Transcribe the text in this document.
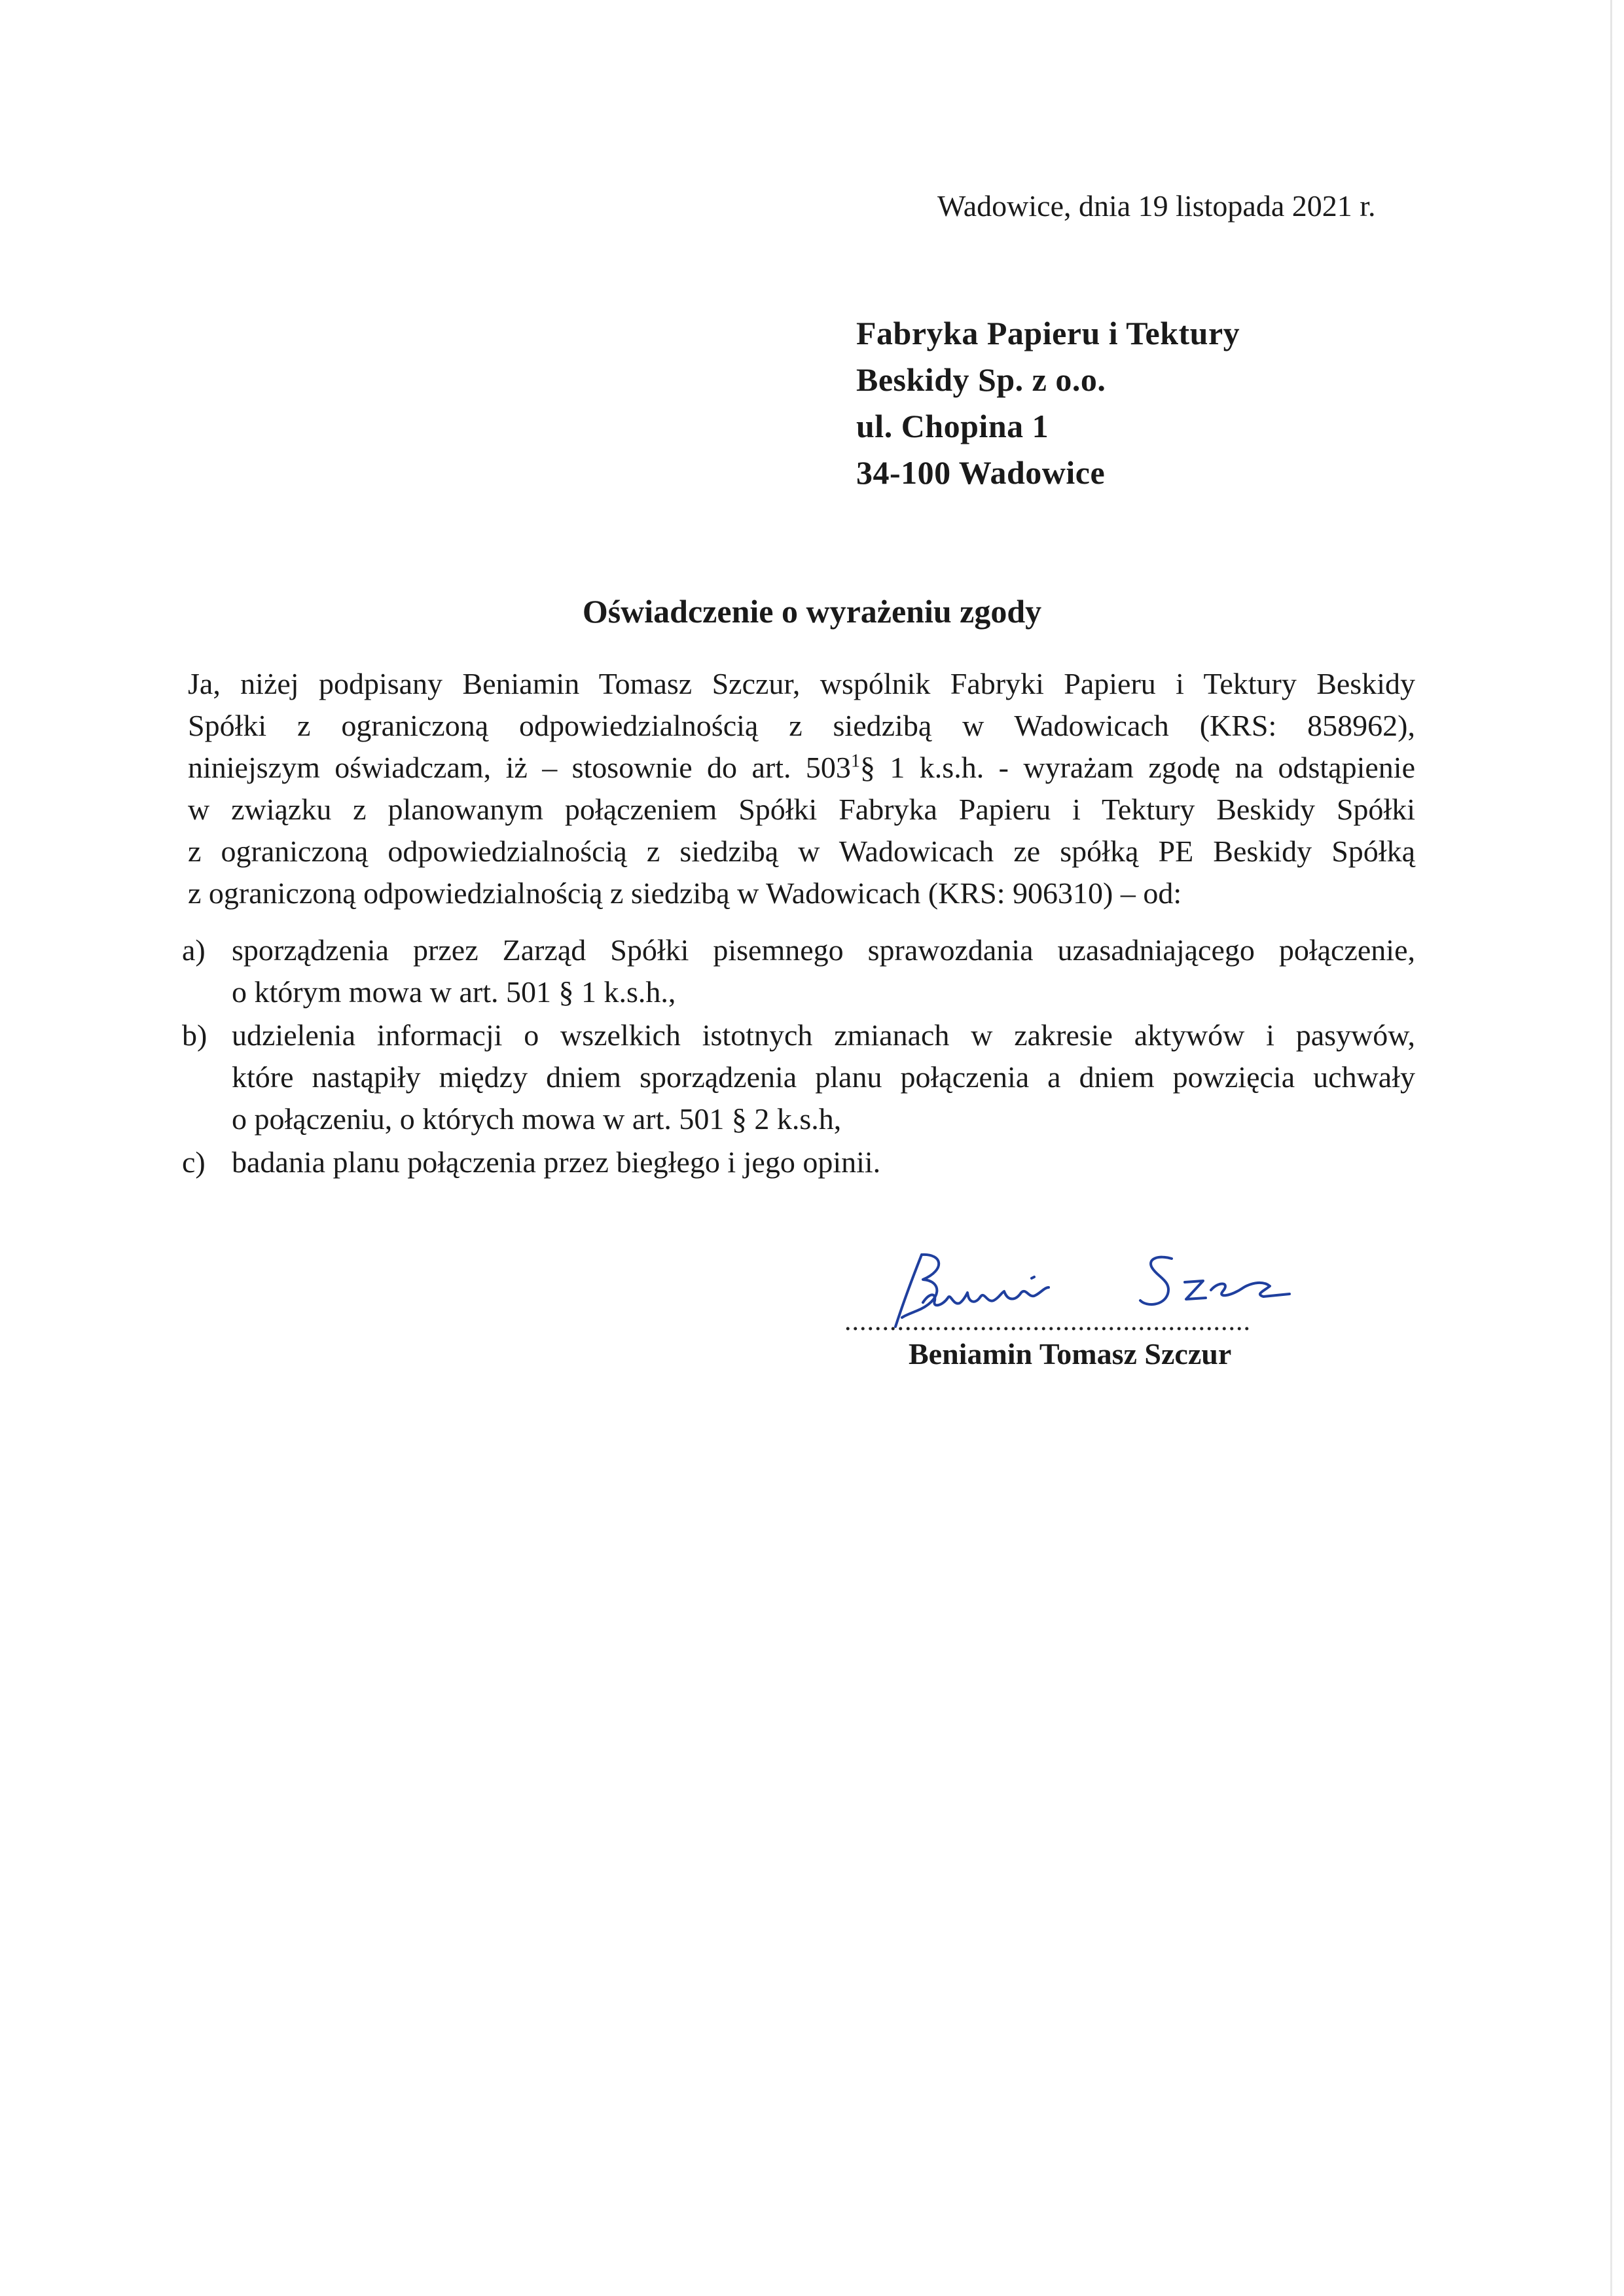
Wadowice, dnia 19 listopada 2021 r.
Fabryka Papieru i Tektury
Beskidy Sp. z o.o.
ul. Chopina 1
34-100 Wadowice
Oświadczenie o wyrażeniu zgody
Ja, niżej podpisany Beniamin Tomasz Szczur, wspólnik Fabryki Papieru i Tektury Beskidy
Spółki z ograniczoną odpowiedzialnością z siedzibą w Wadowicach (KRS: 858962),
niniejszym oświadczam, iż – stosownie do art. $503^1\S$ 1 k.s.h. - wyrażam zgodę na odstąpienie
w związku z planowanym połączeniem Spółki Fabryka Papieru i Tektury Beskidy Spółki
z ograniczoną odpowiedzialnością z siedzibą w Wadowicach ze spółką PE Beskidy Spółką
z ograniczoną odpowiedzialnością z siedzibą w Wadowicach (KRS: 906310) – od:
a) sporządzenia przez Zarząd Spółki pisemnego sprawozdania uzasadniającego połączenie,
o którym mowa w art. 501 § 1 k.s.h.,
b) udzielenia informacji o wszelkich istotnych zmianach w zakresie aktywów i pasywów,
które nastąpiły między dniem sporządzenia planu połączenia a dniem powzięcia uchwały
o połączeniu, o których mowa w art. 501 § 2 k.s.h,
c) badania planu połączenia przez biegłego i jego opinii.
......................................................
Beniamin Tomasz Szczur
